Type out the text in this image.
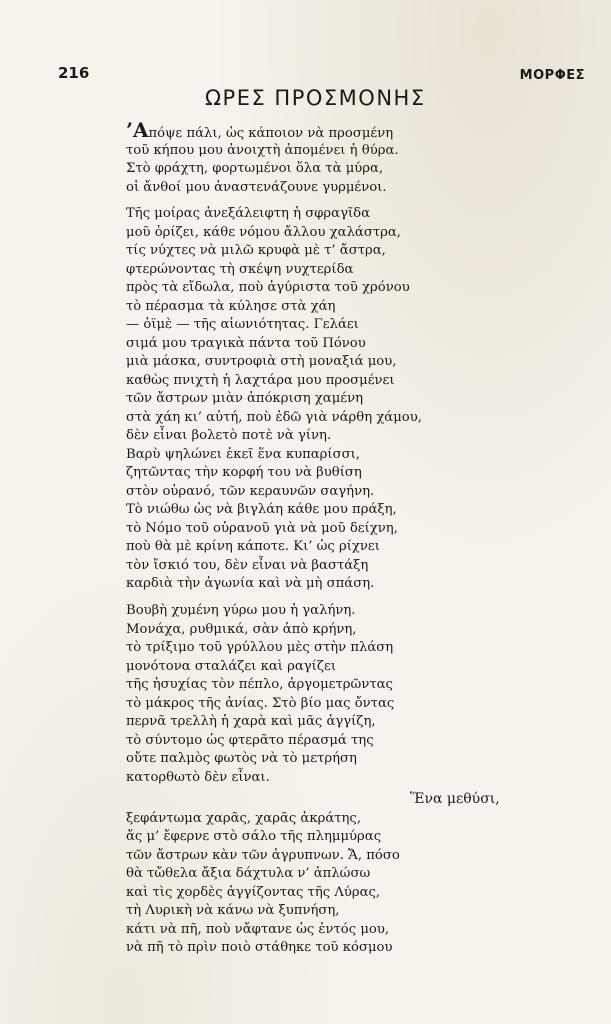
216	ΜΟΡΦΕΣ
ΩΡΕΣ ΠΡΟΣΜΟΝΗΣ
’Απόψε πάλι, ὡς κάποιον νὰ προσμένη
τοῦ κήπου μου ἀνοιχτὴ ἀπομένει ἡ θύρα.
Στὸ φράχτη, φορτωμένοι ὅλα τὰ μύρα,
οἱ ἄνθοί μου ἀναστενάζουνε γυρμένοι.
Τῆς μοίρας ἀνεξάλειφτη ἡ σφραγῖδα
μοῦ ὁρίζει, κάθε νόμου ἄλλου χαλάστρα,
τίς νύχτες νὰ μιλῶ κρυφὰ μὲ τ’ ἄστρα,
φτερώνοντας τὴ σκέψη νυχτερίδα
πρὸς τὰ εἴδωλα, ποὺ ἀγύριστα τοῦ χρόνου
τὸ πέρασμα τὰ κύλησε στὰ χάη
— ὀϊμὲ — τῆς αἰωνιότητας. Γελάει
σιμά μου τραγικὰ πάντα τοῦ Πόνου
μιὰ μάσκα, συντροφιὰ στὴ μοναξιά μου,
καθὼς πνιχτὴ ἡ λαχτάρα μου προσμένει
τῶν ἄστρων μιὰν ἀπόκριση χαμένη
στὰ χάη κι’ αὐτή, ποὺ ἐδῶ γιὰ νάρθη χάμου,
δὲν εἶναι βολετὸ ποτὲ νὰ γίνη.
Βαρὺ ψηλώνει ἐκεῖ ἕνα κυπαρίσσι,
ζητῶντας τὴν κορφή του νὰ βυθίση
στὸν οὐρανό, τῶν κεραυνῶν σαγήνη.
Τὸ νιώθω ὡς νὰ βιγλάη κάθε μου πράξη,
τὸ Νόμο τοῦ οὐρανοῦ γιὰ νὰ μοῦ δείχνη,
ποὺ θὰ μὲ κρίνη κάποτε. Κι’ ὡς ρίχνει
τὸν ἴσκιό του, δὲν εἶναι νὰ βαστάξη
καρδιὰ τὴν ἀγωνία καὶ νὰ μὴ σπάση.
Βουβὴ χυμένη γύρω μου ἡ γαλήνη.
Μονάχα, ρυθμικά, σὰν ἀπὸ κρήνη,
τὸ τρίξιμο τοῦ γρύλλου μὲς στὴν πλάση
μονότονα σταλάζει καὶ ραγίζει
τῆς ἡσυχίας τὸν πέπλο, ἀργομετρῶντας
τὸ μάκρος τῆς ἀνίας. Στὸ βίο μας ὄντας
περνᾶ τρελλὴ ἡ χαρὰ καὶ μᾶς ἀγγίζη,
τὸ σύντομο ὡς φτερᾶτο πέρασμά της
οὔτε παλμὸς φωτὸς νὰ τὸ μετρήση
κατορθωτὸ δὲν εἶναι.
Ἕνα μεθύσι,
ξεφάντωμα χαρᾶς, χαρᾶς ἀκράτης,
ἄς μ’ ἔφερνε στὸ σάλο τῆς πλημμύρας
τῶν ἄστρων κὰν τῶν ἀγρυπνων. Ἄ, πόσο
θὰ τὤθελα ἄξια δάχτυλα ν’ ἁπλώσω
καὶ τὶς χορδὲς ἀγγίζοντας τῆς Λύρας,
τὴ Λυρικὴ νὰ κάνω νὰ ξυπνήση,
κάτι νὰ πῆ, ποὺ νἄφτανε ὡς ἐντός μου,
νὰ πῆ τὸ πρὶν ποιὸ στάθηκε τοῦ κόσμου
